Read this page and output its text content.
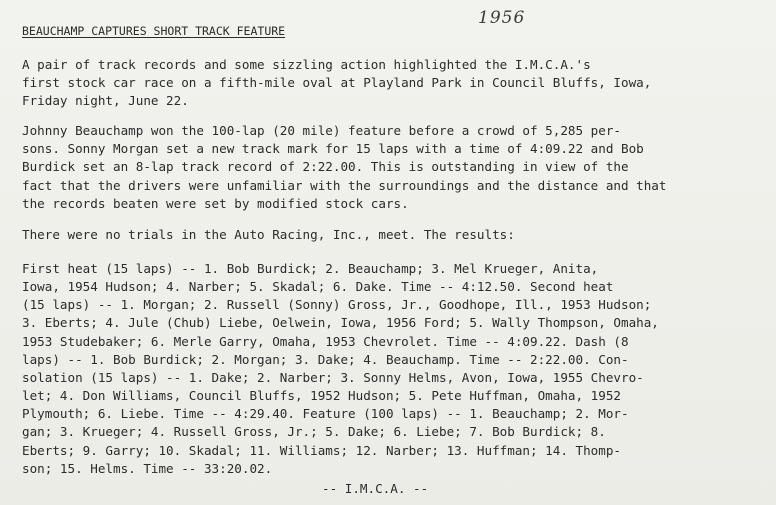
BEAUCHAMP CAPTURES SHORT TRACK FEATURE
1956
A pair of track records and some sizzling action highlighted the I.M.C.A.'s
first stock car race on a fifth-mile oval at Playland Park in Council Bluffs, Iowa,
Friday night, June 22.
Johnny Beauchamp won the 100-lap (20 mile) feature before a crowd of 5,285 per-
sons. Sonny Morgan set a new track mark for 15 laps with a time of 4:09.22 and Bob
Burdick set an 8-lap track record of 2:22.00. This is outstanding in view of the
fact that the drivers were unfamiliar with the surroundings and the distance and that
the records beaten were set by modified stock cars.
There were no trials in the Auto Racing, Inc., meet. The results:
First heat (15 laps) -- 1. Bob Burdick; 2. Beauchamp; 3. Mel Krueger, Anita,
Iowa, 1954 Hudson; 4. Narber; 5. Skadal; 6. Dake. Time -- 4:12.50. Second heat
(15 laps) -- 1. Morgan; 2. Russell (Sonny) Gross, Jr., Goodhope, Ill., 1953 Hudson;
3. Eberts; 4. Jule (Chub) Liebe, Oelwein, Iowa, 1956 Ford; 5. Wally Thompson, Omaha,
1953 Studebaker; 6. Merle Garry, Omaha, 1953 Chevrolet. Time -- 4:09.22. Dash (8
laps) -- 1. Bob Burdick; 2. Morgan; 3. Dake; 4. Beauchamp. Time -- 2:22.00. Con-
solation (15 laps) -- 1. Dake; 2. Narber; 3. Sonny Helms, Avon, Iowa, 1955 Chevro-
let; 4. Don Williams, Council Bluffs, 1952 Hudson; 5. Pete Huffman, Omaha, 1952
Plymouth; 6. Liebe. Time -- 4:29.40. Feature (100 laps) -- 1. Beauchamp; 2. Mor-
gan; 3. Krueger; 4. Russell Gross, Jr.; 5. Dake; 6. Liebe; 7. Bob Burdick; 8.
Eberts; 9. Garry; 10. Skadal; 11. Williams; 12. Narber; 13. Huffman; 14. Thomp-
son; 15. Helms. Time -- 33:20.02.
-- I.M.C.A. --
